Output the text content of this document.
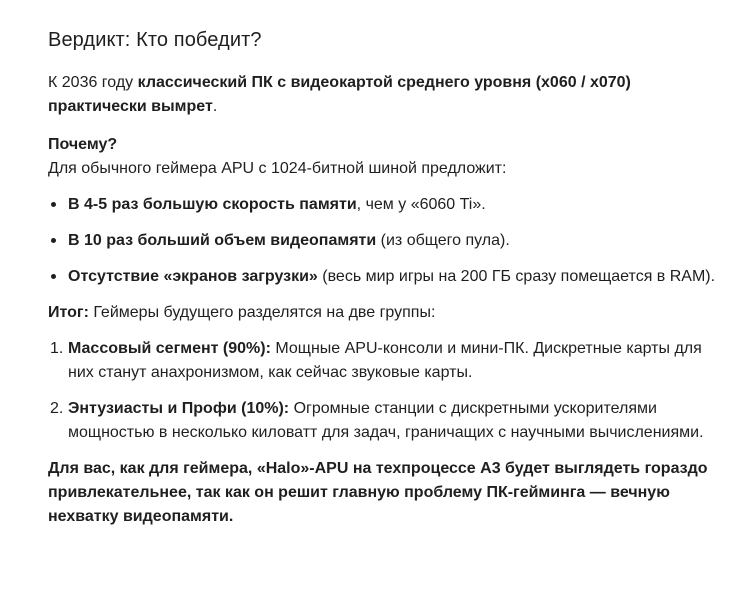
Вердикт: Кто победит?

К 2036 году классический ПК с видеокартой среднего уровня (x060 / x070) практически вымрет.

Почему?

Для обычного геймера APU с 1024-битной шиной предложит:

В 4-5 раз большую скорость памяти, чем у «6060 Ti».
В 10 раз больший объем видеопамяти (из общего пула).
Отсутствие «экранов загрузки» (весь мир игры на 200 ГБ сразу помещается в RAM).

Итог: Геймеры будущего разделятся на две группы:

1. Массовый сегмент (90%): Мощные APU-консоли и мини-ПК. Дискретные карты для них станут анахронизмом, как сейчас звуковые карты.
2. Энтузиасты и Профи (10%): Огромные станции с дискретными ускорителями мощностью в несколько киловатт для задач, граничащих с научными вычислениями.

Для вас, как для геймера, «Halo»-APU на техпроцессе A3 будет выглядеть гораздо привлекательнее, так как он решит главную проблему ПК-гейминга — вечную нехватку видеопамяти.
